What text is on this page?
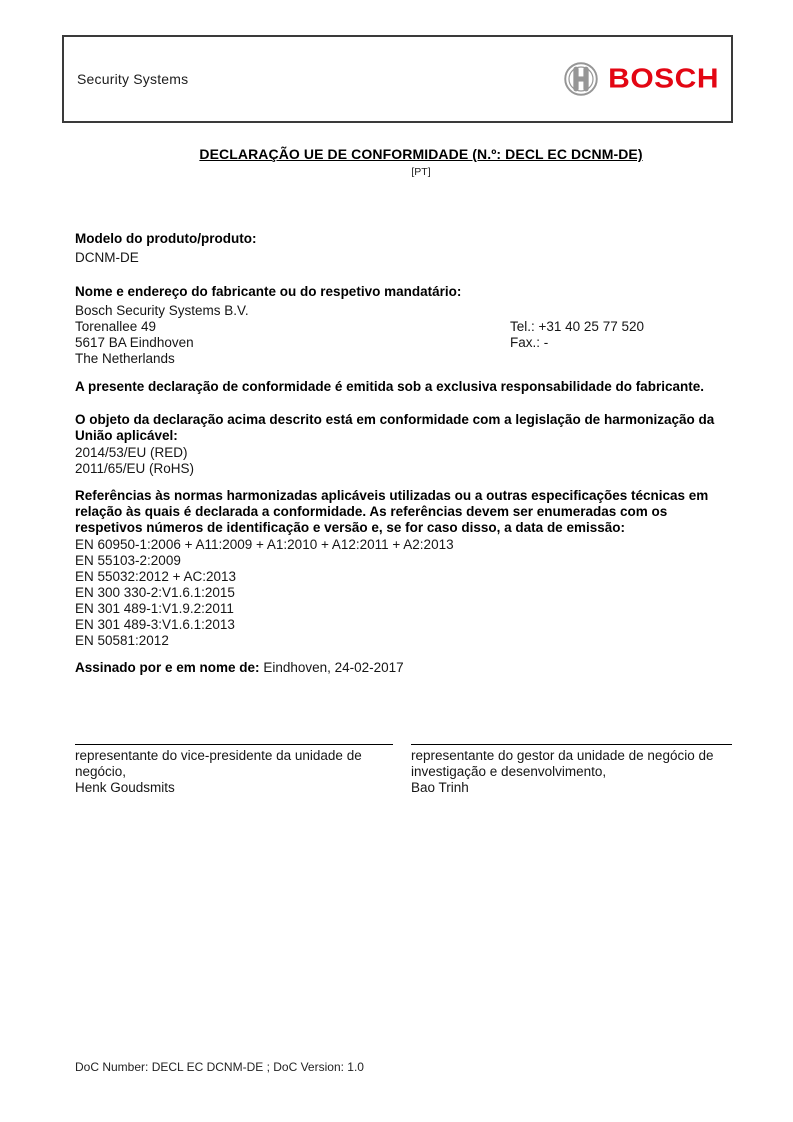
Security Systems	BOSCH
DECLARAÇÃO UE DE CONFORMIDADE (N.º: DECL EC DCNM-DE)
[PT]
Modelo do produto/produto:
DCNM-DE
Nome e endereço do fabricante ou do respetivo mandatário:
Bosch Security Systems B.V.
Torenallee 49	Tel.: +31 40 25 77 520
5617 BA Eindhoven	Fax.: -
The Netherlands
A presente declaração de conformidade é emitida sob a exclusiva responsabilidade do fabricante.
O objeto da declaração acima descrito está em conformidade com a legislação de harmonização da União aplicável:
2014/53/EU (RED)
2011/65/EU (RoHS)
Referências às normas harmonizadas aplicáveis utilizadas ou a outras especificações técnicas em relação às quais é declarada a conformidade. As referências devem ser enumeradas com os respetivos números de identificação e versão e, se for caso disso, a data de emissão:
EN 60950-1:2006 + A11:2009 + A1:2010 + A12:2011 + A2:2013
EN 55103-2:2009
EN 55032:2012 + AC:2013
EN 300 330-2:V1.6.1:2015
EN 301 489-1:V1.9.2:2011
EN 301 489-3:V1.6.1:2013
EN 50581:2012
Assinado por e em nome de: Eindhoven, 24-02-2017
representante do vice-presidente da unidade de negócio,
Henk Goudsmits
representante do gestor da unidade de negócio de investigação e desenvolvimento,
Bao Trinh
DoC Number: DECL EC DCNM-DE ; DoC Version: 1.0
